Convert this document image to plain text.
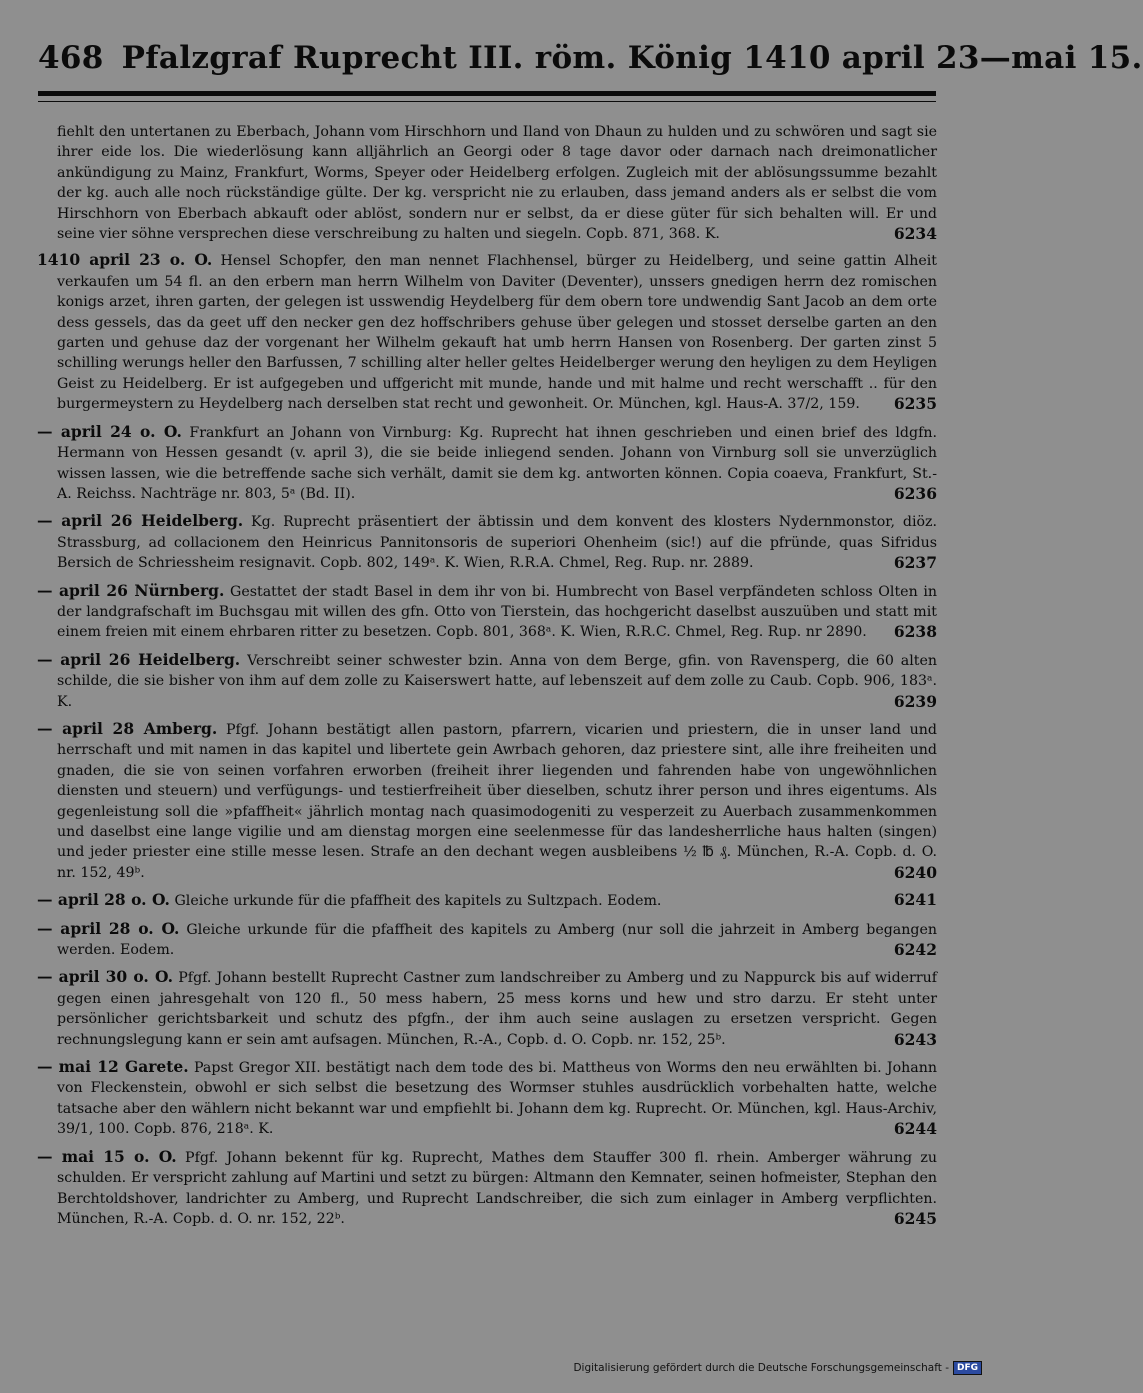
468 Pfalzgraf Ruprecht III. röm. König 1410 april 23—mai 15.
fiehlt den untertanen zu Eberbach, Johann vom Hirschhorn und Iland von Dhaun zu hulden und zu schwören und sagt sie ihrer eide los. Die wiederlösung kann alljährlich an Georgi oder 8 tage davor oder darnach nach dreimonatlicher ankündigung zu Mainz, Frankfurt, Worms, Speyer oder Heidelberg erfolgen. Zugleich mit der ablösungssumme bezahlt der kg. auch alle noch rückständige gülte. Der kg. verspricht nie zu erlauben, dass jemand anders als er selbst die vom Hirschhorn von Eberbach abkauft oder ablöst, sondern nur er selbst, da er diese güter für sich behalten will. Er und seine vier söhne versprechen diese verschreibung zu halten und siegeln. Copb. 871, 368. K.	6234
1410 april 23 o. O. Hensel Schopfer, den man nennet Flachhensel, bürger zu Heidelberg, und seine gattin Alheit verkaufen um 54 fl. an den erbern man herrn Wilhelm von Daviter (Deventer), unssers gnedigen herrn dez romischen konigs arzet, ihren garten, der gelegen ist usswendig Heydelberg für dem obern tore undwendig Sant Jacob an dem orte dess gessels, das da geet uff den necker gen dez hoffschribers gehuse über gelegen und stosset derselbe garten an den garten und gehuse daz der vorgenant her Wilhelm gekauft hat umb herrn Hansen von Rosenberg. Der garten zinst 5 schilling werungs heller den Barfussen, 7 schilling alter heller geltes Heidelberger werung den heyligen zu dem Heyligen Geist zu Heidelberg. Er ist aufgegeben und uffgericht mit munde, hande und mit halme und recht werschafft .. für den burgermeystern zu Heydelberg nach derselben stat recht und gewonheit. Or. München, kgl. Haus-A. 37/2, 159. 6235
— april 24 o. O. Frankfurt an Johann von Virnburg: Kg. Ruprecht hat ihnen geschrieben und einen brief des ldgfn. Hermann von Hessen gesandt (v. april 3), die sie beide inliegend senden. Johann von Virnburg soll sie unverzüglich wissen lassen, wie die betreffende sache sich verhält, damit sie dem kg. antworten können. Copia coaeva, Frankfurt, St.-A. Reichss. Nachträge nr. 803, 5ᵃ (Bd. II).	6236
— april 26 Heidelberg. Kg. Ruprecht präsentiert der äbtissin und dem konvent des klosters Nydernmonstor, diöz. Strassburg, ad collacionem den Heinricus Pannitonsoris de superiori Ohenheim (sic!) auf die pfründe, quas Sifridus Bersich de Schriessheim resignavit. Copb. 802, 149ᵃ. K. Wien, R.R.A. Chmel, Reg. Rup. nr. 2889.	6237
— april 26 Nürnberg. Gestattet der stadt Basel in dem ihr von bi. Humbrecht von Basel verpfändeten schloss Olten in der landgrafschaft im Buchsgau mit willen des gfn. Otto von Tierstein, das hochgericht daselbst auszuüben und statt mit einem freien mit einem ehrbaren ritter zu besetzen. Copb. 801, 368ᵃ. K. Wien, R.R.C. Chmel, Reg. Rup. nr 2890. 6238
— april 26 Heidelberg. Verschreibt seiner schwester bzin. Anna von dem Berge, gfin. von Ravensperg, die 60 alten schilde, die sie bisher von ihm auf dem zolle zu Kaiserswert hatte, auf lebenszeit auf dem zolle zu Caub. Copb. 906, 183ᵃ. K.	6239
— april 28 Amberg. Pfgf. Johann bestätigt allen pastorn, pfarrern, vicarien und priestern, die in unser land und herrschaft und mit namen in das kapitel und libertete gein Awrbach gehoren, daz priestere sint, alle ihre freiheiten und gnaden, die sie von seinen vorfahren erworben (freiheit ihrer liegenden und fahrenden habe von ungewöhnlichen diensten und steuern) und verfügungs- und testierfreiheit über dieselben, schutz ihrer person und ihres eigentums. Als gegenleistung soll die »pfaffheit« jährlich montag nach quasimodogeniti zu vesperzeit zu Auerbach zusammenkommen und daselbst eine lange vigilie und am dienstag morgen eine seelenmesse für das landesherrliche haus halten (singen) und jeder priester eine stille messe lesen. Strafe an den dechant wegen ausbleibens ½ ℔ ₰. München, R.-A. Copb. d. O. nr. 152, 49ᵇ.	6240
— april 28 o. O. Gleiche urkunde für die pfaffheit des kapitels zu Sultzpach. Eodem.	6241
— april 28 o. O. Gleiche urkunde für die pfaffheit des kapitels zu Amberg (nur soll die jahrzeit in Amberg begangen werden. Eodem.	6242
— april 30 o. O. Pfgf. Johann bestellt Ruprecht Castner zum landschreiber zu Amberg und zu Nappurck bis auf widerruf gegen einen jahresgehalt von 120 fl., 50 mess habern, 25 mess korns und hew und stro darzu. Er steht unter persönlicher gerichtsbarkeit und schutz des pfgfn., der ihm auch seine auslagen zu ersetzen verspricht. Gegen rechnungslegung kann er sein amt aufsagen. München, R.-A., Copb. d. O. Copb. nr. 152, 25ᵇ.	6243
— mai 12 Garete. Papst Gregor XII. bestätigt nach dem tode des bi. Mattheus von Worms den neu erwählten bi. Johann von Fleckenstein, obwohl er sich selbst die besetzung des Wormser stuhles ausdrücklich vorbehalten hatte, welche tatsache aber den wählern nicht bekannt war und empfiehlt bi. Johann dem kg. Ruprecht. Or. München, kgl. Haus-Archiv, 39/1, 100. Copb. 876, 218ᵃ. K.	6244
— mai 15 o. O. Pfgf. Johann bekennt für kg. Ruprecht, Mathes dem Stauffer 300 fl. rhein. Amberger währung zu schulden. Er verspricht zahlung auf Martini und setzt zu bürgen: Altmann den Kemnater, seinen hofmeister, Stephan den Berchtoldshover, landrichter zu Amberg, und Ruprecht Landschreiber, die sich zum einlager in Amberg verpflichten. München, R.-A. Copb. d. O. nr. 152, 22ᵇ.	6245
Digitalisierung gefördert durch die Deutsche Forschungsgemeinschaft - DFG
